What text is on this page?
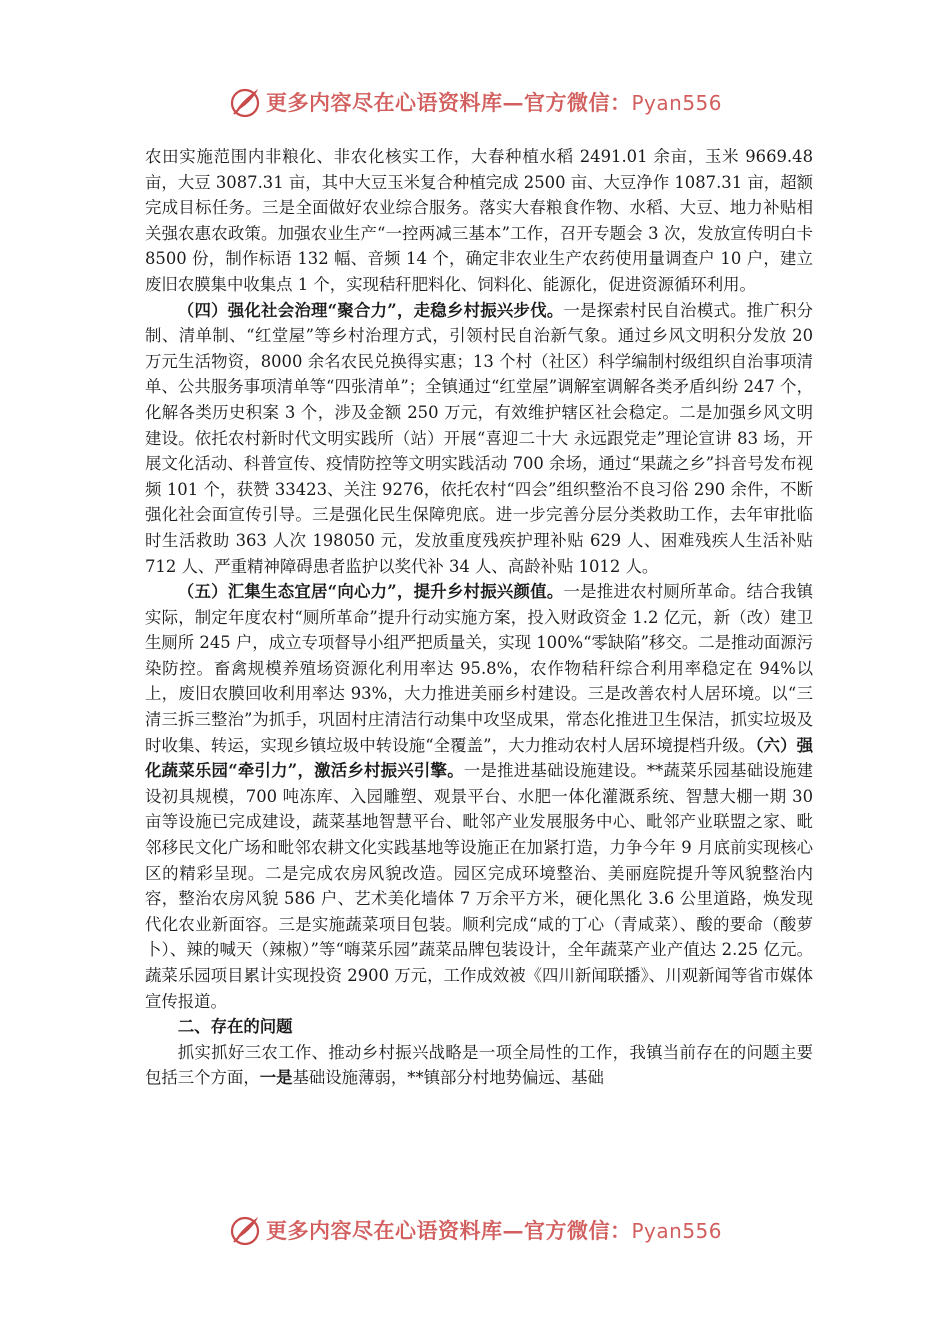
更多内容尽在心语资料库—官方微信：Pyan556

农田实施范围内非粮化、非农化核实工作，大春种植水稻 2491.01 余亩，玉米 9669.48 亩，大豆 3087.31 亩，其中大豆玉米复合种植完成 2500 亩、大豆净作 1087.31 亩，超额完成目标任务。三是全面做好农业综合服务。落实大春粮食作物、水稻、大豆、地力补贴相关强农惠农政策。加强农业生产“一控两减三基本”工作，召开专题会 3 次，发放宣传明白卡 8500 份，制作标语 132 幅、音频 14 个，确定非农业生产农药使用量调查户 10 户，建立废旧农膜集中收集点 1 个，实现秸秆肥料化、饲料化、能源化，促进资源循环利用。

（四）强化社会治理“聚合力”，走稳乡村振兴步伐。一是探索村民自治模式。推广积分制、清单制、“红堂屋”等乡村治理方式，引领村民自治新气象。通过乡风文明积分发放 20 万元生活物资，8000 余名农民兑换得实惠；13 个村（社区）科学编制村级组织自治事项清单、公共服务事项清单等“四张清单”；全镇通过“红堂屋”调解室调解各类矛盾纠纷 247 个，化解各类历史积案 3 个，涉及金额 250 万元，有效维护辖区社会稳定。二是加强乡风文明建设。依托农村新时代文明实践所（站）开展“喜迎二十大 永远跟党走”理论宣讲 83 场，开展文化活动、科普宣传、疫情防控等文明实践活动 700 余场，通过“果蔬之乡”抖音号发布视频 101 个，获赞 33423、关注 9276，依托农村“四会”组织整治不良习俗 290 余件，不断强化社会面宣传引导。三是强化民生保障兜底。进一步完善分层分类救助工作，去年审批临时生活救助 363 人次 198050 元，发放重度残疾护理补贴 629 人、困难残疾人生活补贴 712 人、严重精神障碍患者监护以奖代补 34 人、高龄补贴 1012 人。

（五）汇集生态宜居“向心力”，提升乡村振兴颜值。一是推进农村厕所革命。结合我镇实际，制定年度农村“厕所革命”提升行动实施方案，投入财政资金 1.2 亿元，新（改）建卫生厕所 245 户，成立专项督导小组严把质量关，实现 100%“零缺陷”移交。二是推动面源污染防控。畜禽规模养殖场资源化利用率达 95.8%，农作物秸秆综合利用率稳定在 94%以上，废旧农膜回收利用率达 93%，大力推进美丽乡村建设。三是改善农村人居环境。以“三清三拆三整治”为抓手，巩固村庄清洁行动集中攻坚成果，常态化推进卫生保洁，抓实垃圾及时收集、转运，实现乡镇垃圾中转设施“全覆盖”，大力推动农村人居环境提档升级。（六）强化蔬菜乐园“牵引力”，激活乡村振兴引擎。一是推进基础设施建设。**蔬菜乐园基础设施建设初具规模，700 吨冻库、入园雕塑、观景平台、水肥一体化灌溉系统、智慧大棚一期 30 亩等设施已完成建设，蔬菜基地智慧平台、毗邻产业发展服务中心、毗邻产业联盟之家、毗邻移民文化广场和毗邻农耕文化实践基地等设施正在加紧打造，力争今年 9 月底前实现核心区的精彩呈现。二是完成农房风貌改造。园区完成环境整治、美丽庭院提升等风貌整治内容，整治农房风貌 586 户、艺术美化墙体 7 万余平方米，硬化黑化 3.6 公里道路，焕发现代化农业新面容。三是实施蔬菜项目包装。顺利完成“咸的丁心（青咸菜）、酸的要命（酸萝卜）、辣的喊天（辣椒）”等“嗨菜乐园”蔬菜品牌包装设计，全年蔬菜产业产值达 2.25 亿元。蔬菜乐园项目累计实现投资 2900 万元，工作成效被《四川新闻联播》、川观新闻等省市媒体宣传报道。

二、存在的问题

抓实抓好三农工作、推动乡村振兴战略是一项全局性的工作，我镇当前存在的问题主要包括三个方面，一是基础设施薄弱，**镇部分村地势偏远、基础

更多内容尽在心语资料库—官方微信：Pyan556
